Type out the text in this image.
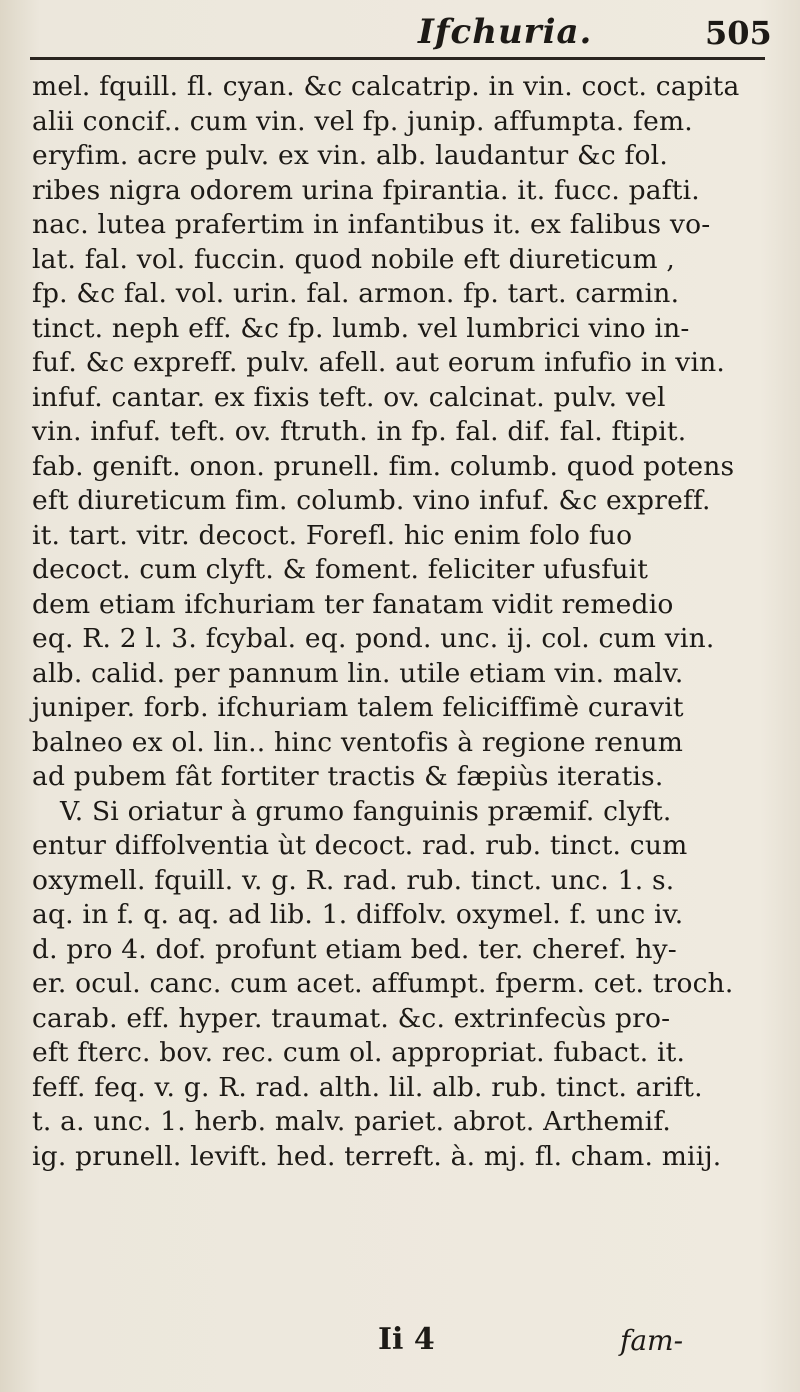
Ifchuria.	505
mel. fquill. fl. cyan. &c calcatrip. in vin. coct. capita
alii concif.. cum vin. vel fp. junip. affumpta. fem.
eryfim. acre pulv. ex vin. alb. laudantur &c fol.
ribes nigra odorem urina fpirantia. it. fucc. pafti.
nac. lutea prafertim in infantibus it. ex falibus vo-
lat. fal. vol. fuccin. quod nobile eft diureticum ,
fp. &c fal. vol. urin. fal. armon. fp. tart. carmin.
tinct. neph eff. &c fp. lumb. vel lumbrici vino in-
fuf. &c expreff. pulv. afell. aut eorum infufio in vin.
infuf. cantar. ex fixis teft. ov. calcinat. pulv. vel
vin. infuf. teft. ov. ftruth. in fp. fal. dif. fal. ftipit.
fab. genift. onon. prunell. fim. columb. quod potens
eft diureticum fim. columb. vino infuf. &c expreff.
it. tart. vitr. decoct. Forefl. hic enim folo fuo
decoct. cum clyft. & foment. feliciter ufusfuit
dem etiam ifchuriam ter fanatam vidit remedio
eq. R. 2 l. 3. fcybal. eq. pond. unc. ij. col. cum vin.
alb. calid. per pannum lin. utile etiam vin. malv.
juniper. forb. ifchuriam talem feliciffimè curavit
balneo ex ol. lin.. hinc ventofis à regione renum
ad pubem fât fortiter tractis & fæpiùs iteratis.
V. Si oriatur à grumo fanguinis præmif. clyft.
entur diffolventia ùt decoct. rad. rub. tinct. cum
oxymell. fquill. v. g. R. rad. rub. tinct. unc. 1. s.
aq. in f. q. aq. ad lib. 1. diffolv. oxymel. f. unc iv.
d. pro 4. dof. profunt etiam bed. ter. cheref. hy-
er. ocul. canc. cum acet. affumpt. fperm. cet. troch.
carab. eff. hyper. traumat. &c. extrinfecùs pro-
eft fterc. bov. rec. cum ol. appropriat. fubact. it.
feff. feq. v. g. R. rad. alth. lil. alb. rub. tinct. arift.
t. a. unc. 1. herb. malv. pariet. abrot. Arthemif.
ig. prunell. levift. hed. terreft. à. mj. fl. cham. miij.
Ii 4	fam-
